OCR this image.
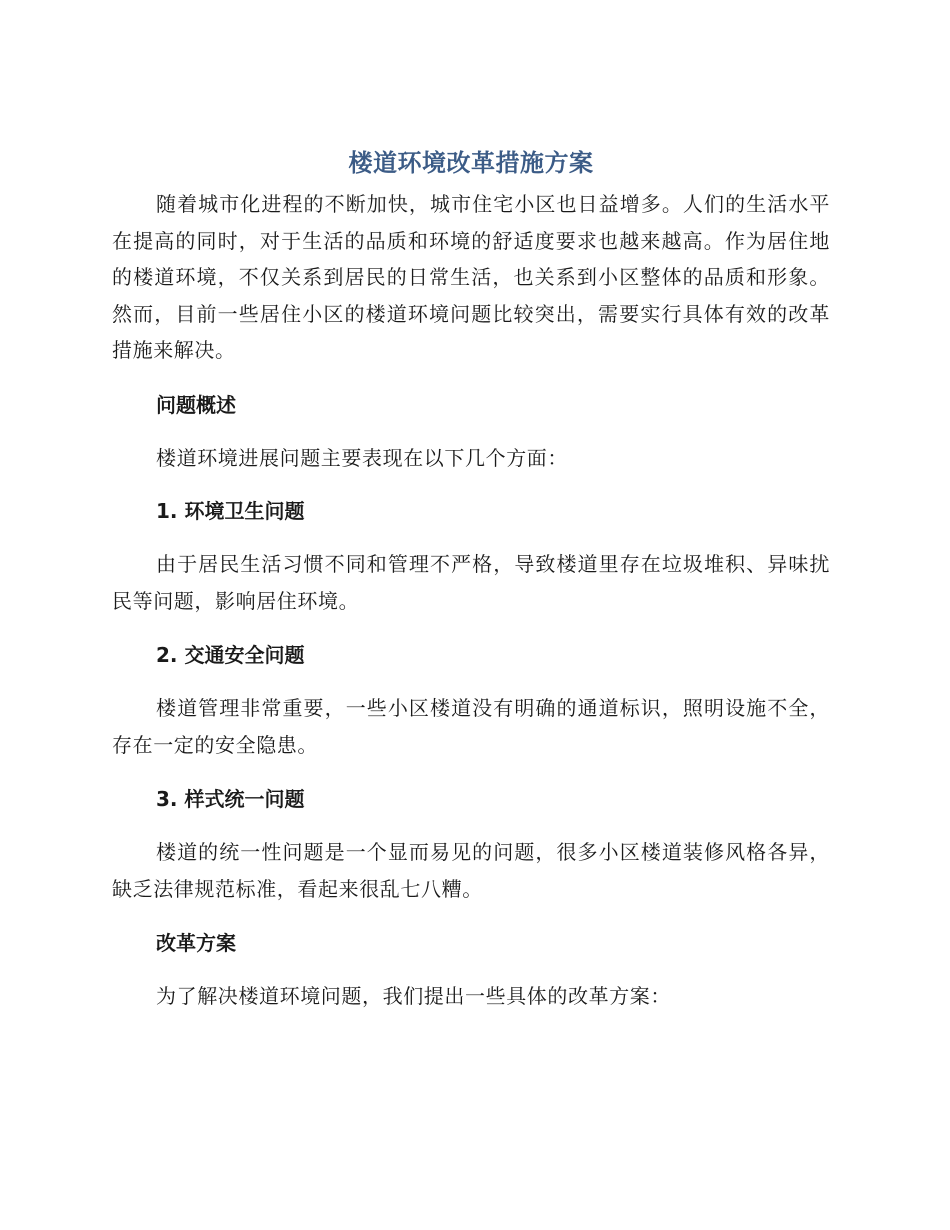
楼道环境改革措施方案

随着城市化进程的不断加快，城市住宅小区也日益增多。人们的生活水平在提高的同时，对于生活的品质和环境的舒适度要求也越来越高。作为居住地的楼道环境，不仅关系到居民的日常生活，也关系到小区整体的品质和形象。然而，目前一些居住小区的楼道环境问题比较突出，需要实行具体有效的改革措施来解决。

问题概述

楼道环境进展问题主要表现在以下几个方面：

1. 环境卫生问题

由于居民生活习惯不同和管理不严格，导致楼道里存在垃圾堆积、异味扰民等问题，影响居住环境。

2. 交通安全问题

楼道管理非常重要，一些小区楼道没有明确的通道标识，照明设施不全，存在一定的安全隐患。

3. 样式统一问题

楼道的统一性问题是一个显而易见的问题，很多小区楼道装修风格各异，缺乏法律规范标准，看起来很乱七八糟。

改革方案

为了解决楼道环境问题，我们提出一些具体的改革方案：
